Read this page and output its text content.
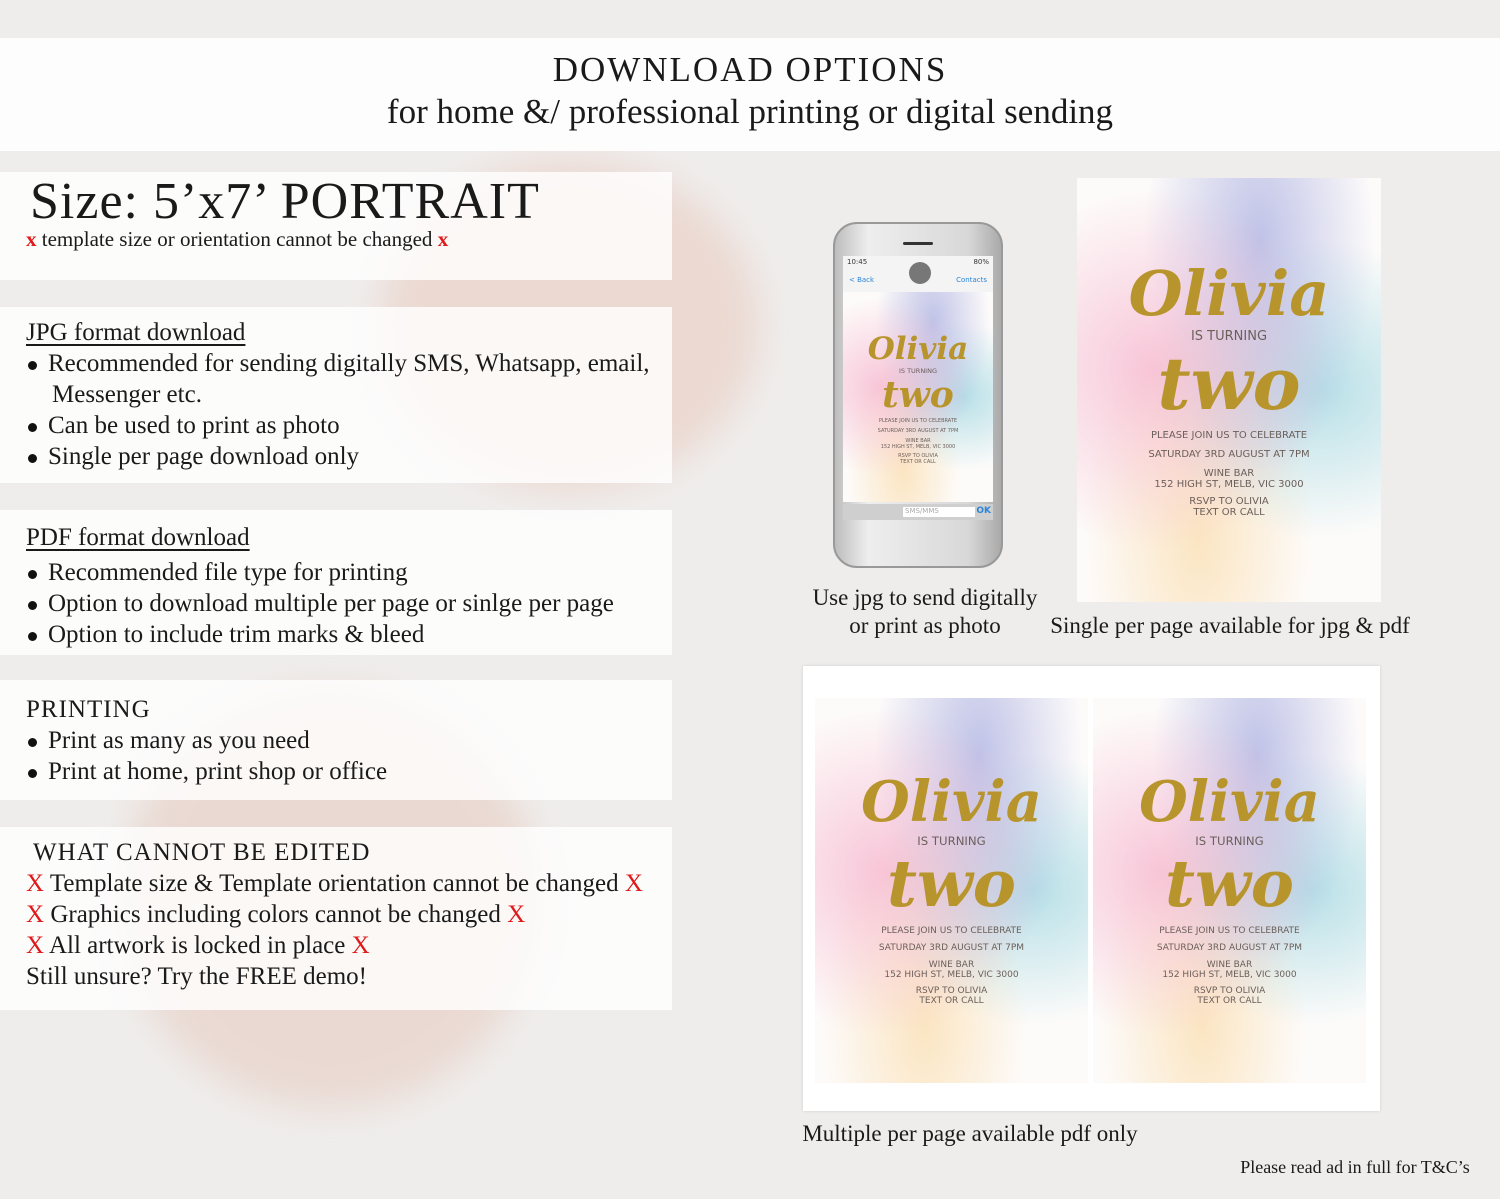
DOWNLOAD OPTIONS
for home &/ professional printing or digital sending
Size: 5’x7’ PORTRAIT
x template size or orientation cannot be changed x
JPG format download
Recommended for sending digitally SMS, Whatsapp, email,
Messenger etc.
Can be used to print as photo
Single per page download only
PDF format download
Recommended file type for printing
Option to download multiple per page or sinlge per page
Option to include trim marks & bleed
PRINTING
Print as many as you need
Print at home, print shop or office
WHAT CANNOT BE EDITED
X Template size & Template orientation cannot be changed X
X Graphics including colors cannot be changed X
X All artwork is locked in place X
Still unsure? Try the FREE demo!
10:45	80%
< Back	Contacts
SMS/MMS	OK
Olivia
IS TURNING
two
PLEASE JOIN US TO CELEBRATE
SATURDAY 3RD AUGUST AT 7PM
WINE BAR
152 HIGH ST, MELB, VIC 3000
RSVP TO OLIVIA
TEXT OR CALL
Olivia
IS TURNING
two
PLEASE JOIN US TO CELEBRATE
SATURDAY 3RD AUGUST AT 7PM
WINE BAR
152 HIGH ST, MELB, VIC 3000
RSVP TO OLIVIA
TEXT OR CALL
Olivia
IS TURNING
two
PLEASE JOIN US TO CELEBRATE
SATURDAY 3RD AUGUST AT 7PM
WINE BAR
152 HIGH ST, MELB, VIC 3000
RSVP TO OLIVIA
TEXT OR CALL
Olivia
IS TURNING
two
PLEASE JOIN US TO CELEBRATE
SATURDAY 3RD AUGUST AT 7PM
WINE BAR
152 HIGH ST, MELB, VIC 3000
RSVP TO OLIVIA
TEXT OR CALL
Use jpg to send digitally
or print as photo	Single per page available for jpg & pdf
Multiple per page available pdf only
Please read ad in full for T&C’s
